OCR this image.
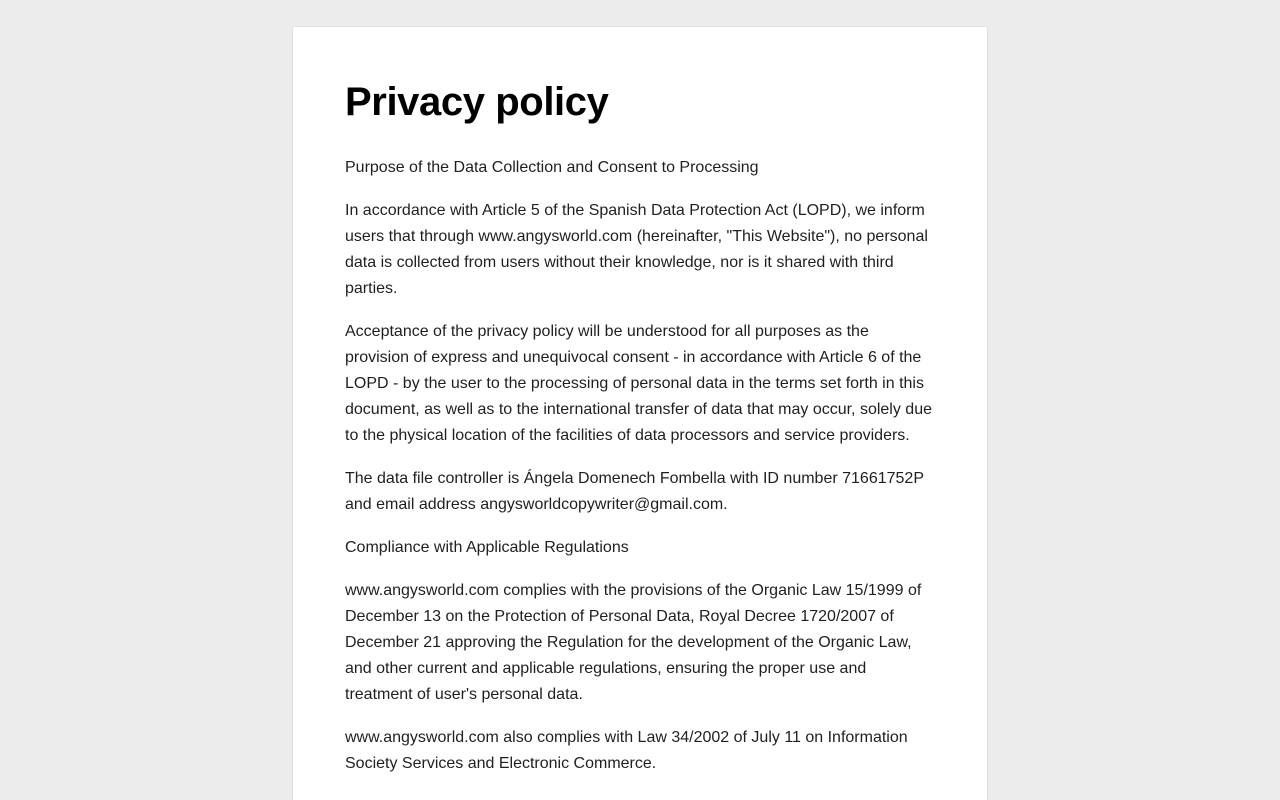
Privacy policy

Purpose of the Data Collection and Consent to Processing

In accordance with Article 5 of the Spanish Data Protection Act (LOPD), we inform users that through www.angysworld.com (hereinafter, "This Website"), no personal data is collected from users without their knowledge, nor is it shared with third parties.

Acceptance of the privacy policy will be understood for all purposes as the provision of express and unequivocal consent - in accordance with Article 6 of the LOPD - by the user to the processing of personal data in the terms set forth in this document, as well as to the international transfer of data that may occur, solely due to the physical location of the facilities of data processors and service providers.

The data file controller is Ángela Domenech Fombella with ID number 71661752P and email address angysworldcopywriter@gmail.com.

Compliance with Applicable Regulations

www.angysworld.com complies with the provisions of the Organic Law 15/1999 of December 13 on the Protection of Personal Data, Royal Decree 1720/2007 of December 21 approving the Regulation for the development of the Organic Law, and other current and applicable regulations, ensuring the proper use and treatment of user's personal data.

www.angysworld.com also complies with Law 34/2002 of July 11 on Information Society Services and Electronic Commerce.
